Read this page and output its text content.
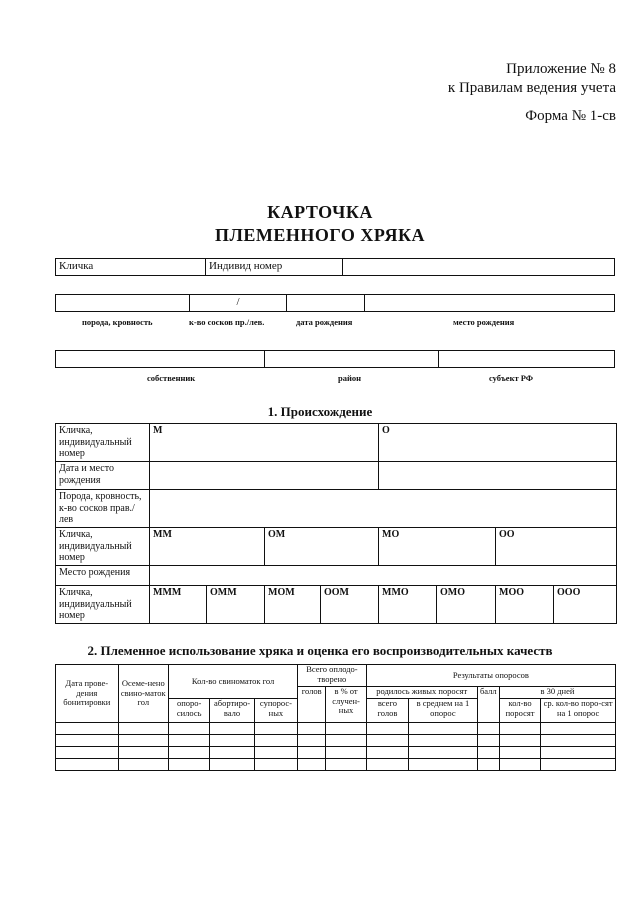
Приложение № 8
к Правилам ведения учета
Форма № 1-св
КАРТОЧКА
ПЛЕМЕННОГО ХРЯКА
Кличка	Индивид номер
/
порода, кровность	к-во сосков пр./лев.	дата рождения	место рождения
собственник	район	субъект РФ
1. Происхождение
Кличка, индивидуальный номер	М				О			
Дата и место рождения								
Порода, кровность, к-во сосков прав./лев								
Кличка, индивидуальный номер	ММ		ОМ		МО		ОО	
Место рождения								
Кличка, индивидуальный номер	МММ	ОММ	МОМ	ООМ	ММО	ОМО	МОО	ООО
2. Племенное использование хряка и оценка его воспроизводительных качеств
Дата прове-дения бонитировки	Осеме-нено свино-маток гол	Кол-во свиноматок гол			Всего оплодо-творено		Результаты опоросов				
					голов	в % от случен-ных	родилось живых поросят		балл	в 30 дней	
		опоро-силось	абортиро-вало	супорос-ных			всего голов	в среднем на 1 опорос		кол-во поросят	ср. кол-во поро-сят на 1 опорос
